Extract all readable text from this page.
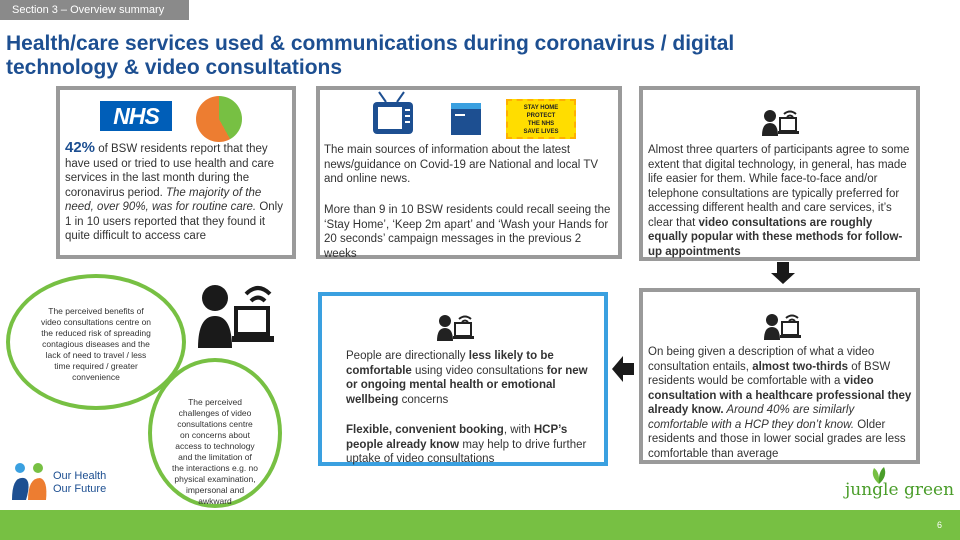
Section 3 – Overview summary
Health/care services used & communications during coronavirus / digital
technology & video consultations
NHS
42% of BSW residents report that they have used or tried to use health and care services in the last month during the coronavirus period. The majority of the need, over 90%, was for routine care. Only 1 in 10 users reported that they found it quite difficult to access care
STAY HOME
PROTECT
THE NHS
SAVE LIVES
The main sources of information about the latest news/guidance on Covid-19 are National and local TV and online news.
More than 9 in 10 BSW residents could recall seeing the ‘Stay Home’, ‘Keep 2m apart’ and ‘Wash your Hands for 20 seconds’ campaign messages in the previous 2 weeks
Almost three quarters of participants agree to some extent that digital technology, in general, has made life easier for them. While face-to-face and/or telephone consultations are typically preferred for accessing different health and care services, it’s clear that video consultations are roughly equally popular with these methods for follow-up appointments
The perceived benefits of video consultations centre on the reduced risk of spreading contagious diseases and the lack of need to travel / less time required / greater convenience
The perceived challenges of video consultations centre on concerns about access to technology and the limitation of the interactions e.g. no physical examination, impersonal and awkward
People are directionally less likely to be comfortable using video consultations for new or ongoing mental health or emotional wellbeing concerns
Flexible, convenient booking, with HCP’s people already know may help to drive further uptake of video consultations
On being given a description of what a video consultation entails, almost two-thirds of BSW residents would be comfortable with a video consultation with a healthcare professional they already know. Around 40% are similarly comfortable with a HCP they don’t know. Older residents and those in lower social grades are less comfortable than average
Our Health
Our Future	jungle green
6
